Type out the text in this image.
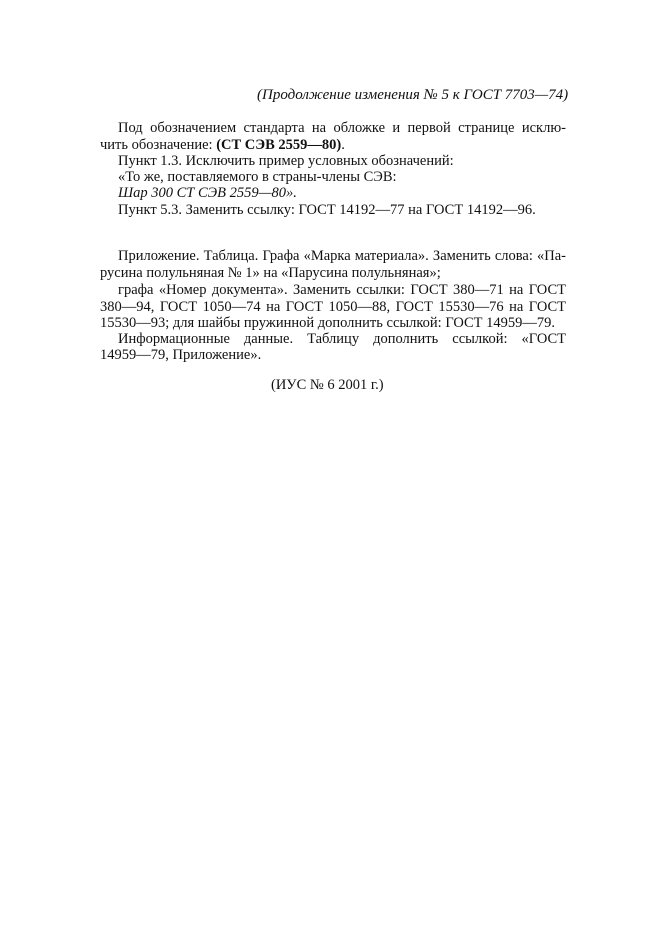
(Продолжение изменения № 5 к ГОСТ 7703—74)

Под обозначением стандарта на обложке и первой странице исклю-

чить обозначение: (СТ СЭВ 2559—80).

Пункт 1.3. Исключить пример условных обозначений:

«То же, поставляемого в страны-члены СЭВ:

Шар 300 СТ СЭВ 2559—80».

Пункт 5.3. Заменить ссылку: ГОСТ 14192—77 на ГОСТ 14192—96.

Приложение. Таблица. Графа «Марка материала». Заменить слова: «Па-

русина полульняная № 1» на «Парусина полульняная»;

графа «Номер документа». Заменить ссылки: ГОСТ 380—71 на ГОСТ

380—94, ГОСТ 1050—74 на ГОСТ 1050—88, ГОСТ 15530—76 на ГОСТ

15530—93; для шайбы пружинной дополнить ссылкой: ГОСТ 14959—79.

Информационные данные. Таблицу дополнить ссылкой: «ГОСТ

14959—79, Приложение».

(ИУС № 6 2001 г.)
